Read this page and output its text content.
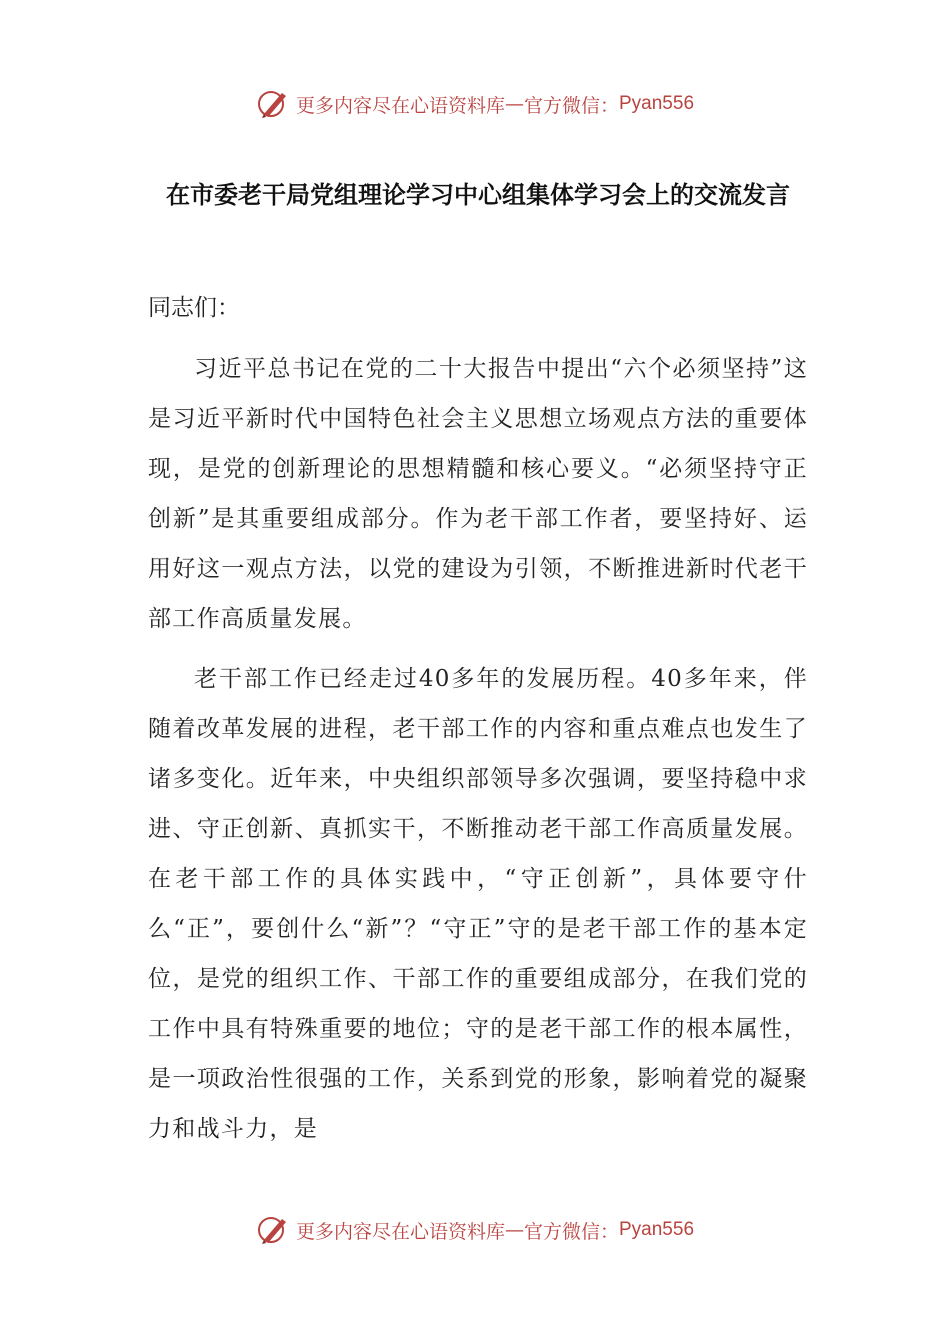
更多内容尽在心语资料库 — 官方微信： Pyan556
在市委老干局党组理论学习中心组集体学习会上的交流发言
同志们：

习近平总书记在党的二十大报告中提出“六个必须坚持”这是习近平新时代中国特色社会主义思想立场观点方法的重要体现，是党的创新理论的思想精髓和核心要义。“必须坚持守正创新”是其重要组成部分。作为老干部工作者，要坚持好、运用好这一观点方法，以党的建设为引领，不断推进新时代老干部工作高质量发展。

老干部工作已经走过40多年的发展历程。40多年来，伴随着改革发展的进程，老干部工作的内容和重点难点也发生了诸多变化。近年来，中央组织部领导多次强调，要坚持稳中求进、守正创新、真抓实干，不断推动老干部工作高质量发展。在老干部工作的具体实践中，“守正创新”，具体要守什么“正”，要创什么“新”？“守正”守的是老干部工作的基本定位，是党的组织工作、干部工作的重要组成部分，在我们党的工作中具有特殊重要的地位；守的是老干部工作的根本属性，是一项政治性很强的工作，关系到党的形象，影响着党的凝聚力和战斗力，是

更多内容尽在心语资料库 — 官方微信： Pyan556
